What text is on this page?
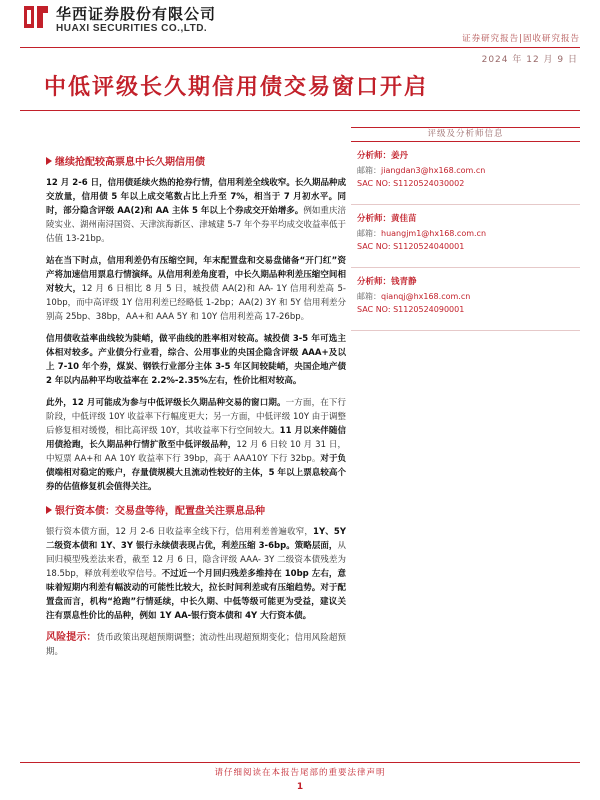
华西证券股份有限公司
HUAXI SECURITIES CO.,LTD.
证券研究报告|固收研究报告
2024 年 12 月 9 日
中低评级长久期信用债交易窗口开启
评级及分析师信息
分析师：姜丹
邮箱：jiangdan3@hx168.com.cn
SAC NO: S1120524030002
分析师：黄佳苗
邮箱：huangjm1@hx168.com.cn
SAC NO: S1120524040001
分析师：钱青静
邮箱：qianqj@hx168.com.cn
SAC NO: S1120524090001
继续抢配较高票息中长久期信用债

12 月 2-6 日，信用债延续火热的抢券行情，信用利差全线收窄。长久期品种成交放量，信用债 5 年以上成交笔数占比上升至 7%，相当于 7 月初水平。同时，部分隐含评级 AA(2)和 AA 主体 5 年以上个券成交开始增多。例如重庆涪陵实业、湖州南浔国资、天津滨海新区、津城建 5-7 年个券平均成交收益率低于估值 13-21bp。

站在当下时点，信用利差仍有压缩空间，年末配置盘和交易盘储备“开门红”资产将加速信用票息行情演绎。从信用利差角度看，中长久期品种利差压缩空间相对较大，12 月 6 日相比 8 月 5 日，城投债 AA(2)和 AA- 1Y 信用利差高 5-10bp，而中高评级 1Y 信用利差已经略低 1-2bp；AA(2) 3Y 和 5Y 信用利差分别高 25bp、38bp，AA+和 AAA 5Y 和 10Y 信用利差高 17-26bp。

信用债收益率曲线较为陡峭，做平曲线的胜率相对较高。城投债 3-5 年可选主体相对较多。产业债分行业看，综合、公用事业的央国企隐含评级 AAA+及以上 7-10 年个券，煤炭、钢铁行业部分主体 3-5 年区间较陡峭，央国企地产债 2 年以内品种平均收益率在 2.2%-2.35%左右，性价比相对较高。

此外，12 月可能成为参与中低评级长久期品种交易的窗口期。一方面，在下行阶段，中低评级 10Y 收益率下行幅度更大；另一方面，中低评级 10Y 由于调整后修复相对缓慢，相比高评级 10Y，其收益率下行空间较大。11 月以来伴随信用债抢跑，长久期品种行情扩散至中低评级品种，12 月 6 日较 10 月 31 日，中短票 AA+和 AA 10Y 收益率下行 39bp，高于 AAA10Y 下行 32bp。对于负债端相对稳定的账户，存量债规模大且流动性较好的主体，5 年以上票息较高个券的估值修复机会值得关注。

银行资本债：交易盘等待，配置盘关注票息品种

银行资本债方面，12 月 2-6 日收益率全线下行，信用利差普遍收窄，1Y、5Y 二级资本债和 1Y、3Y 银行永续债表现占优，利差压缩 3-6bp。策略层面，从回归模型残差法来看，截至 12 月 6 日，隐含评级 AAA- 3Y 二级资本债残差为 18.5bp，释放利差收窄信号。不过近一个月回归残差多维持在 10bp 左右，意味着短期内利差有幅波动的可能性比较大，拉长时间利差或有压缩趋势。对于配置盘而言，机构“抢跑”行情延续，中长久期、中低等级可能更为受益，建议关注有票息性价比的品种，例如 1Y AA-银行资本债和 4Y 大行资本债。

风险提示：货币政策出现超预期调整；流动性出现超预期变化；信用风险超预期。

请仔细阅读在本报告尾部的重要法律声明
1
